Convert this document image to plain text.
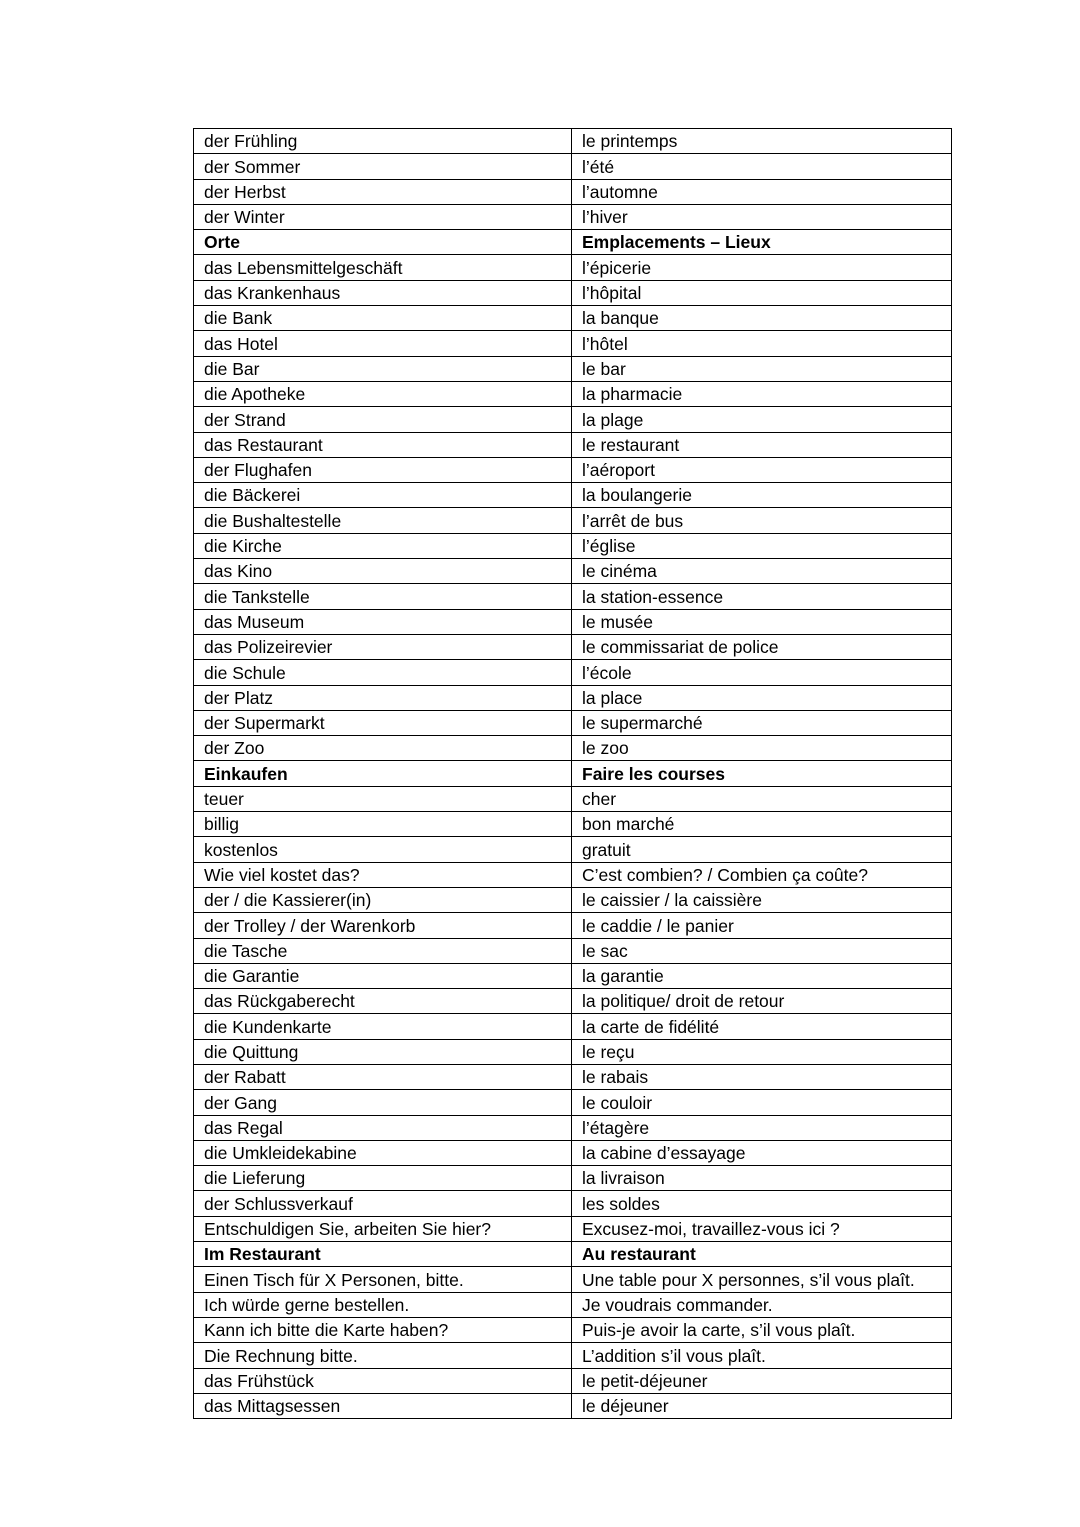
der Frühling	le printemps
der Sommer	l’été
der Herbst	l’automne
der Winter	l’hiver
Orte	Emplacements – Lieux
das Lebensmittelgeschäft	l’épicerie
das Krankenhaus	l’hôpital
die Bank	la banque
das Hotel	l’hôtel
die Bar	le bar
die Apotheke	la pharmacie
der Strand	la plage
das Restaurant	le restaurant
der Flughafen	l’aéroport
die Bäckerei	la boulangerie
die Bushaltestelle	l’arrêt de bus
die Kirche	l’église
das Kino	le cinéma
die Tankstelle	la station-essence
das Museum	le musée
das Polizeirevier	le commissariat de police
die Schule	l’école
der Platz	la place
der Supermarkt	le supermarché
der Zoo	le zoo
Einkaufen	Faire les courses
teuer	cher
billig	bon marché
kostenlos	gratuit
Wie viel kostet das?	C’est combien? / Combien ça coûte?
der / die Kassierer(in)	le caissier / la caissière
der Trolley / der Warenkorb	le caddie / le panier
die Tasche	le sac
die Garantie	la garantie
das Rückgaberecht	la politique/ droit de retour
die Kundenkarte	la carte de fidélité
die Quittung	le reçu
der Rabatt	le rabais
der Gang	le couloir
das Regal	l’étagère
die Umkleidekabine	la cabine d’essayage
die Lieferung	la livraison
der Schlussverkauf	les soldes
Entschuldigen Sie, arbeiten Sie hier?	Excusez-moi, travaillez-vous ici ?
Im Restaurant	Au restaurant
Einen Tisch für X Personen, bitte.	Une table pour X personnes, s’il vous plaît.
Ich würde gerne bestellen.	Je voudrais commander.
Kann ich bitte die Karte haben?	Puis-je avoir la carte, s’il vous plaît.
Die Rechnung bitte.	L’addition s’il vous plaît.
das Frühstück	le petit-déjeuner
das Mittagsessen	le déjeuner
